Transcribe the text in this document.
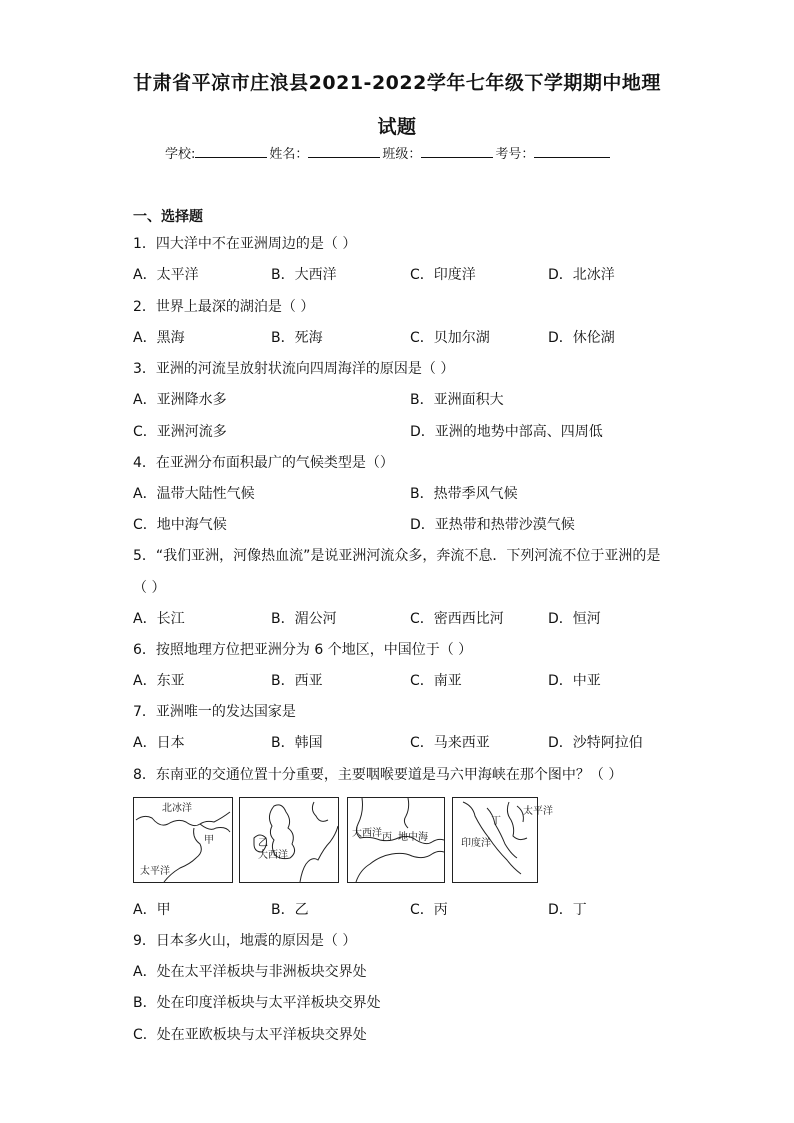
甘肃省平凉市庄浪县2021-2022学年七年级下学期期中地理
试题
学校:	姓名：	班级：	考号：
一、选择题
1．四大洋中不在亚洲周边的是（ ）
A．太平洋	B．大西洋	C．印度洋	D．北冰洋
2．世界上最深的湖泊是（ ）
A．黑海	B．死海	C．贝加尔湖	D．休伦湖
3．亚洲的河流呈放射状流向四周海洋的原因是（ ）
A．亚洲降水多	B．亚洲面积大
C．亚洲河流多	D．亚洲的地势中部高、四周低
4．在亚洲分布面积最广的气候类型是（）
A．温带大陆性气候	B．热带季风气候
C．地中海气候	D．亚热带和热带沙漠气候
5．“我们亚洲，河像热血流”是说亚洲河流众多，奔流不息．下列河流不位于亚洲的是
（ ）
A．长江	B．湄公河	C．密西西比河	D．恒河
6．按照地理方位把亚洲分为 6 个地区，中国位于（ ）
A．东亚	B．西亚	C．南亚	D．中亚
7．亚洲唯一的发达国家是
A．日本	B．韩国	C．马来西亚	D．沙特阿拉伯
8．东南亚的交通位置十分重要，主要咽喉要道是马六甲海峡在那个图中？（ ）
北冰洋
甲
太平洋
乙
大西洋
大西洋 丙 地中海
太平洋
丁
印度洋
A．甲	B．乙	C．丙	D．丁
9．日本多火山，地震的原因是（ ）
A．处在太平洋板块与非洲板块交界处
B．处在印度洋板块与太平洋板块交界处
C．处在亚欧板块与太平洋板块交界处
